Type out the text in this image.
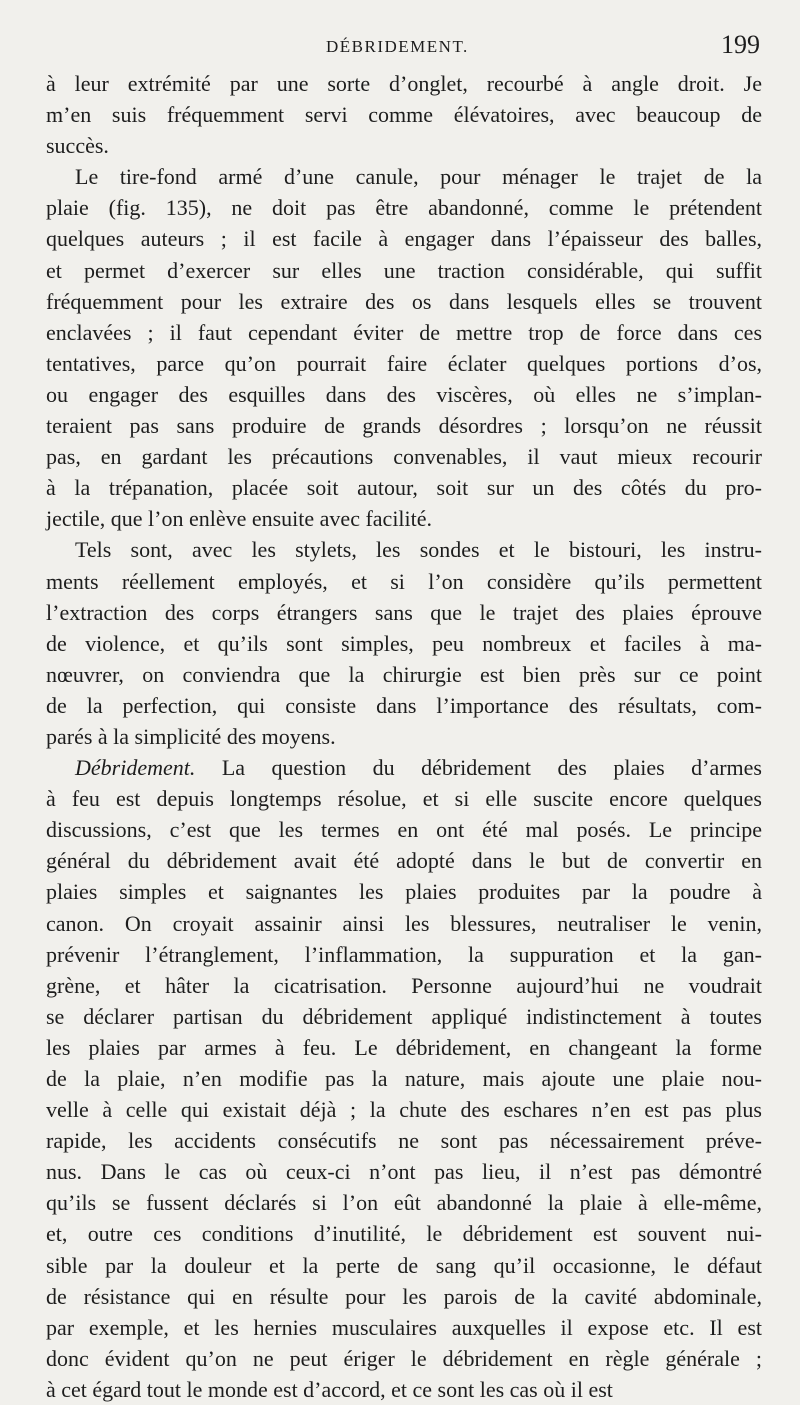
DÉBRIDEMENT.	199
à leur extrémité par une sorte d’onglet, recourbé à angle droit. Je
m’en suis fréquemment servi comme élévatoires, avec beaucoup de
succès.
Le tire-fond armé d’une canule, pour ménager le trajet de la
plaie (fig. 135), ne doit pas être abandonné, comme le prétendent
quelques auteurs ; il est facile à engager dans l’épaisseur des balles,
et permet d’exercer sur elles une traction considérable, qui suffit
fréquemment pour les extraire des os dans lesquels elles se trouvent
enclavées ; il faut cependant éviter de mettre trop de force dans ces
tentatives, parce qu’on pourrait faire éclater quelques portions d’os,
ou engager des esquilles dans des viscères, où elles ne s’implan-
teraient pas sans produire de grands désordres ; lorsqu’on ne réussit
pas, en gardant les précautions convenables, il vaut mieux recourir
à la trépanation, placée soit autour, soit sur un des côtés du pro-
jectile, que l’on enlève ensuite avec facilité.
Tels sont, avec les stylets, les sondes et le bistouri, les instru-
ments réellement employés, et si l’on considère qu’ils permettent
l’extraction des corps étrangers sans que le trajet des plaies éprouve
de violence, et qu’ils sont simples, peu nombreux et faciles à ma-
nœuvrer, on conviendra que la chirurgie est bien près sur ce point
de la perfection, qui consiste dans l’importance des résultats, com-
parés à la simplicité des moyens.
Débridement. La question du débridement des plaies d’armes
à feu est depuis longtemps résolue, et si elle suscite encore quelques
discussions, c’est que les termes en ont été mal posés. Le principe
général du débridement avait été adopté dans le but de convertir en
plaies simples et saignantes les plaies produites par la poudre à
canon. On croyait assainir ainsi les blessures, neutraliser le venin,
prévenir l’étranglement, l’inflammation, la suppuration et la gan-
grène, et hâter la cicatrisation. Personne aujourd’hui ne voudrait
se déclarer partisan du débridement appliqué indistinctement à toutes
les plaies par armes à feu. Le débridement, en changeant la forme
de la plaie, n’en modifie pas la nature, mais ajoute une plaie nou-
velle à celle qui existait déjà ; la chute des eschares n’en est pas plus
rapide, les accidents consécutifs ne sont pas nécessairement préve-
nus. Dans le cas où ceux-ci n’ont pas lieu, il n’est pas démontré
qu’ils se fussent déclarés si l’on eût abandonné la plaie à elle-même,
et, outre ces conditions d’inutilité, le débridement est souvent nui-
sible par la douleur et la perte de sang qu’il occasionne, le défaut
de résistance qui en résulte pour les parois de la cavité abdominale,
par exemple, et les hernies musculaires auxquelles il expose etc. Il est
donc évident qu’on ne peut ériger le débridement en règle générale ;
à cet égard tout le monde est d’accord, et ce sont les cas où il est
